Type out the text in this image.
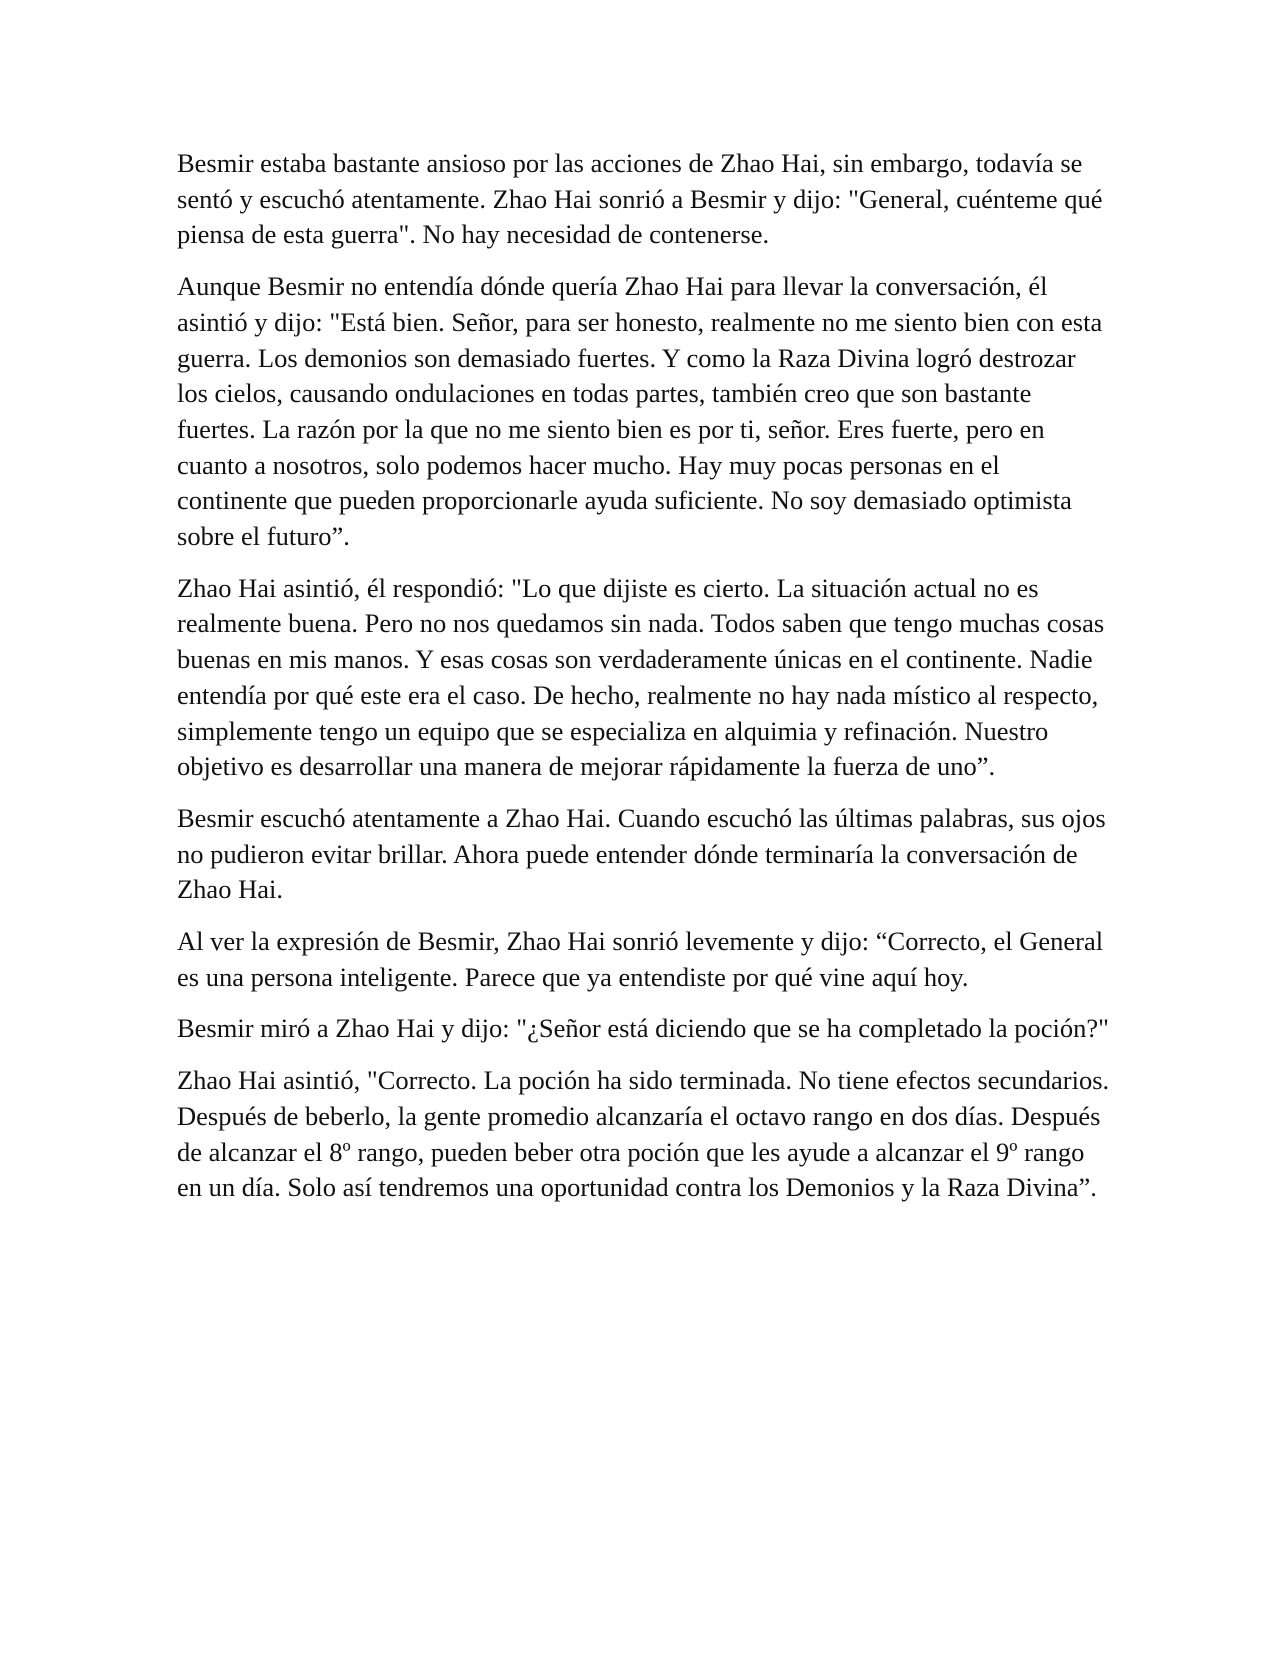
Besmir estaba bastante ansioso por las acciones de Zhao Hai, sin embargo, todavía se sentó y escuchó atentamente. Zhao Hai sonrió a Besmir y dijo: "General, cuénteme qué piensa de esta guerra". No hay necesidad de contenerse.

Aunque Besmir no entendía dónde quería Zhao Hai para llevar la conversación, él asintió y dijo: "Está bien. Señor, para ser honesto, realmente no me siento bien con esta guerra. Los demonios son demasiado fuertes. Y como la Raza Divina logró destrozar los cielos, causando ondulaciones en todas partes, también creo que son bastante fuertes. La razón por la que no me siento bien es por ti, señor. Eres fuerte, pero en cuanto a nosotros, solo podemos hacer mucho. Hay muy pocas personas en el continente que pueden proporcionarle ayuda suficiente. No soy demasiado optimista sobre el futuro”.

Zhao Hai asintió, él respondió: "Lo que dijiste es cierto. La situación actual no es realmente buena. Pero no nos quedamos sin nada. Todos saben que tengo muchas cosas buenas en mis manos. Y esas cosas son verdaderamente únicas en el continente. Nadie entendía por qué este era el caso. De hecho, realmente no hay nada místico al respecto, simplemente tengo un equipo que se especializa en alquimia y refinación. Nuestro objetivo es desarrollar una manera de mejorar rápidamente la fuerza de uno”.

Besmir escuchó atentamente a Zhao Hai. Cuando escuchó las últimas palabras, sus ojos no pudieron evitar brillar. Ahora puede entender dónde terminaría la conversación de Zhao Hai.

Al ver la expresión de Besmir, Zhao Hai sonrió levemente y dijo: “Correcto, el General es una persona inteligente. Parece que ya entendiste por qué vine aquí hoy.

Besmir miró a Zhao Hai y dijo: "¿Señor está diciendo que se ha completado la poción?"

Zhao Hai asintió, "Correcto. La poción ha sido terminada. No tiene efectos secundarios. Después de beberlo, la gente promedio alcanzaría el octavo rango en dos días. Después de alcanzar el 8º rango, pueden beber otra poción que les ayude a alcanzar el 9º rango en un día. Solo así tendremos una oportunidad contra los Demonios y la Raza Divina”.
